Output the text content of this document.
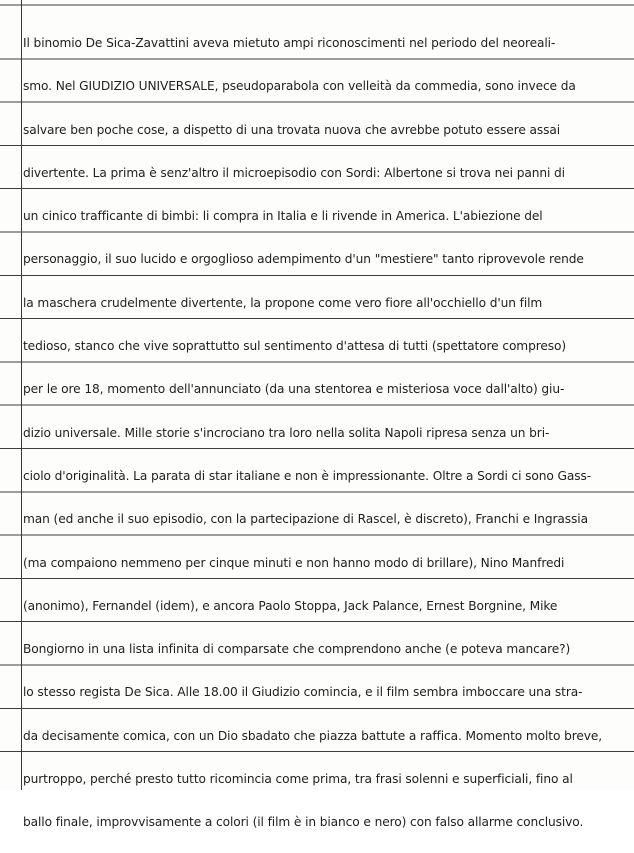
Il binomio De Sica-Zavattini aveva mietuto ampi riconoscimenti nel periodo del neoreali-
smo. Nel GIUDIZIO UNIVERSALE, pseudoparabola con velleità da commedia, sono invece da
salvare ben poche cose, a dispetto di una trovata nuova che avrebbe potuto essere assai
divertente. La prima è senz'altro il microepisodio con Sordi: Albertone si trova nei panni di
un cinico trafficante di bimbi: li compra in Italia e li rivende in America. L'abiezione del
personaggio, il suo lucido e orgoglioso adempimento d'un "mestiere" tanto riprovevole rende
la maschera crudelmente divertente, la propone come vero fiore all'occhiello d'un film
tedioso, stanco che vive soprattutto sul sentimento d'attesa di tutti (spettatore compreso)
per le ore 18, momento dell'annunciato (da una stentorea e misteriosa voce dall'alto) giu-
dizio universale. Mille storie s'incrociano tra loro nella solita Napoli ripresa senza un bri-
ciolo d'originalità. La parata di star italiane e non è impressionante. Oltre a Sordi ci sono Gass-
man (ed anche il suo episodio, con la partecipazione di Rascel, è discreto), Franchi e Ingrassia
(ma compaiono nemmeno per cinque minuti e non hanno modo di brillare), Nino Manfredi
(anonimo), Fernandel (idem), e ancora Paolo Stoppa, Jack Palance, Ernest Borgnine, Mike
Bongiorno in una lista infinita di comparsate che comprendono anche (e poteva mancare?)
lo stesso regista De Sica. Alle 18.00 il Giudizio comincia, e il film sembra imboccare una stra-
da decisamente comica, con un Dio sbadato che piazza battute a raffica. Momento molto breve,
purtroppo, perché presto tutto ricomincia come prima, tra frasi solenni e superficiali, fino al
ballo finale, improvvisamente a colori (il film è in bianco e nero) con falso allarme conclusivo.
